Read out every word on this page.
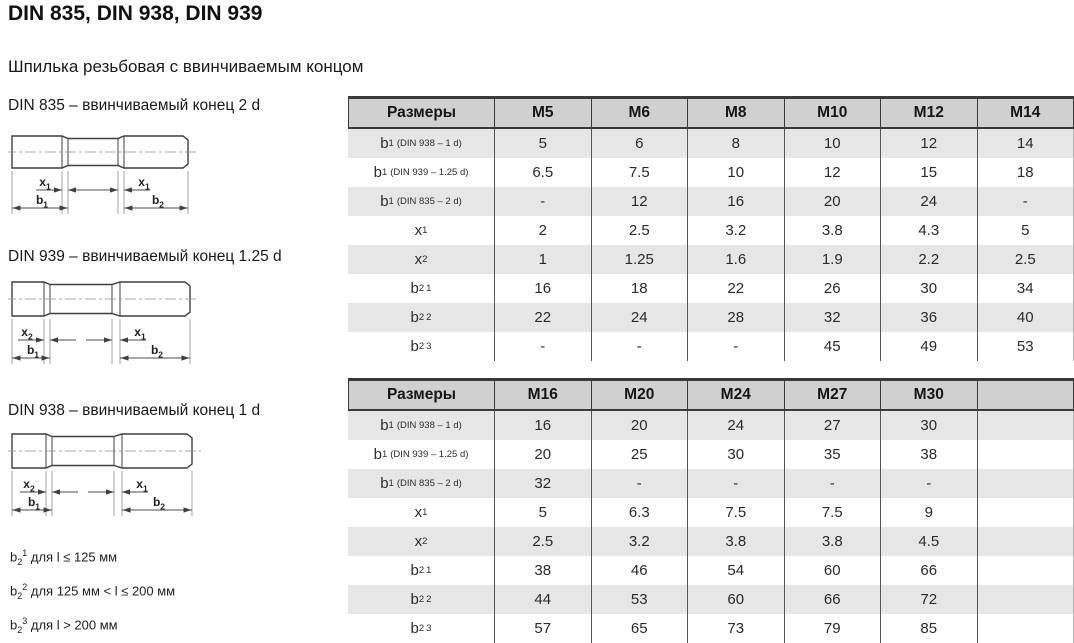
DIN 835, DIN 938, DIN 939
Шпилька резьбовая с ввинчиваемым концом
DIN 835 – ввинчиваемый конец 2 d
$x_1$	$x_1$
$b_1$	$b_2$
DIN 939 – ввинчиваемый конец 1.25 d
$x_2$	$x_1$
$b_1$	$b_2$
DIN 938 – ввинчиваемый конец 1 d
$x_2$	$x_1$
$b_1$	$b_2$
$b_2^1$ для l ≤ 125 мм
$b_2^2$ для 125 мм < l ≤ 200 мм
$b_2^3$ для l > 200 мм
Размеры	M5	M6	M8	M10	M12	M14
b 1 (DIN 938 – 1 d)	5	6	8	10	12	14
b 1 (DIN 939 – 1.25 d)	6.5	7.5	10	12	15	18
b 1 (DIN 835 – 2 d)	-	12	16	20	24	-
x 1	2	2.5	3.2	3.8	4.3	5
x 2	1	1.25	1.6	1.9	2.2	2.5
b 2 1	16	18	22	26	30	34
b 2 2	22	24	28	32	36	40
b 2 3	-	-	-	45	49	53
Размеры	M16	M20	M24	M27	M30
b 1 (DIN 938 – 1 d)	16	20	24	27	30
b 1 (DIN 939 – 1.25 d)	20	25	30	35	38
b 1 (DIN 835 – 2 d)	32	-	-	-	-
x 1	5	6.3	7.5	7.5	9
x 2	2.5	3.2	3.8	3.8	4.5
b 2 1	38	46	54	60	66
b 2 2	44	53	60	66	72
b 2 3	57	65	73	79	85
